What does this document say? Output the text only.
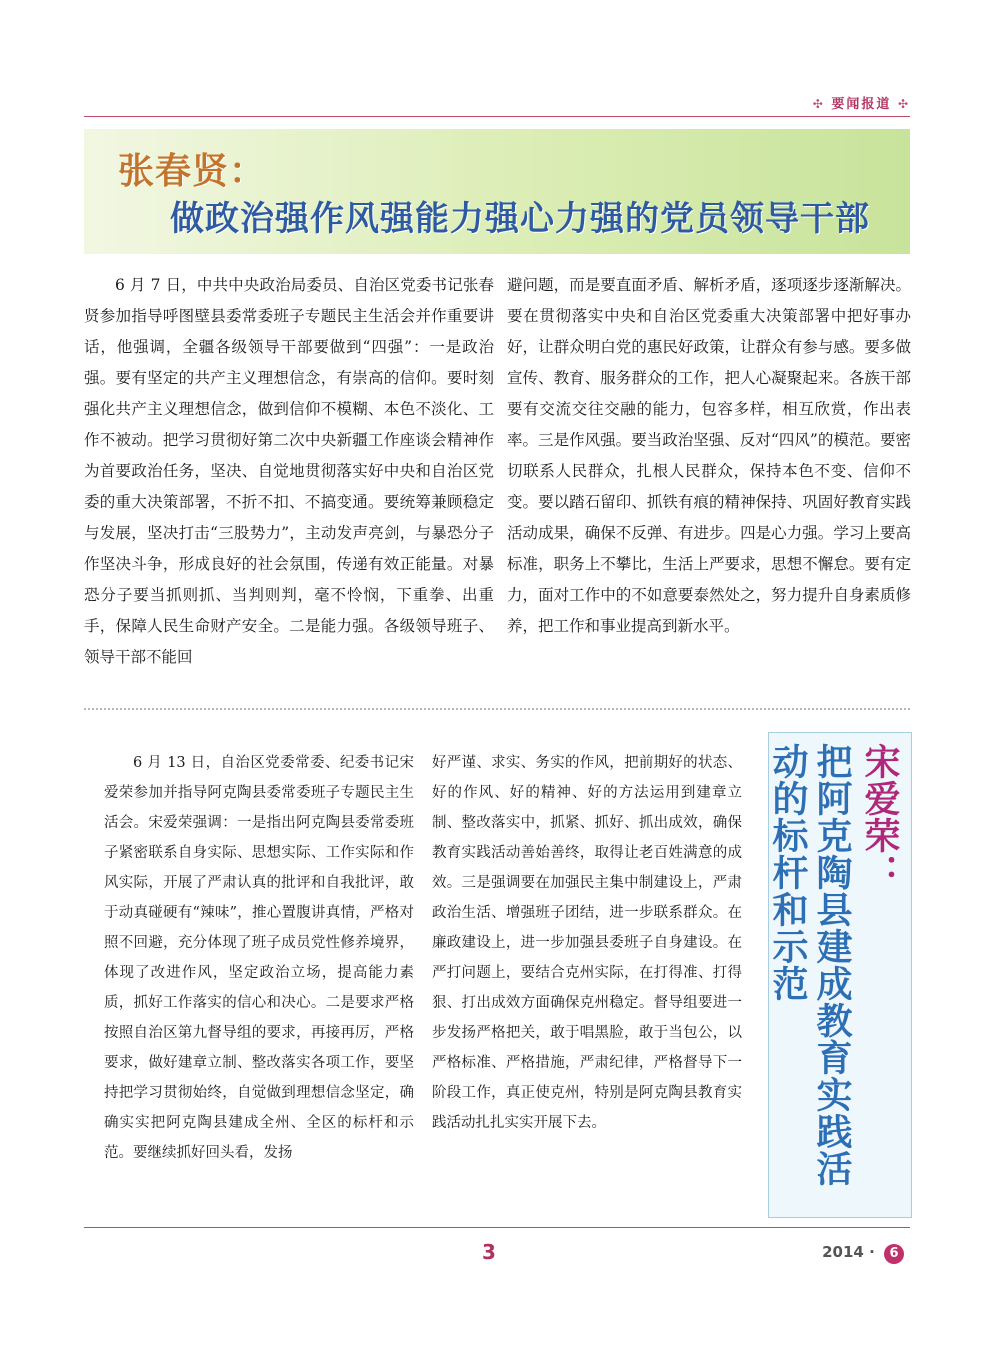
✣ 要闻报道 ✣
张春贤：
做政治强作风强能力强心力强的党员领导干部

6 月 7 日，中共中央政治局委员、自治区党委书记张春贤参加指导呼图壁县委常委班子专题民主生活会并作重要讲话，他强调，全疆各级领导干部要做到“四强”：一是政治强。要有坚定的共产主义理想信念，有崇高的信仰。要时刻强化共产主义理想信念，做到信仰不模糊、本色不淡化、工作不被动。把学习贯彻好第二次中央新疆工作座谈会精神作为首要政治任务，坚决、自觉地贯彻落实好中央和自治区党委的重大决策部署，不折不扣、不搞变通。要统筹兼顾稳定与发展，坚决打击“三股势力”，主动发声亮剑，与暴恐分子作坚决斗争，形成良好的社会氛围，传递有效正能量。对暴恐分子要当抓则抓、当判则判，毫不怜悯，下重拳、出重手，保障人民生命财产安全。二是能力强。各级领导班子、领导干部不能回

避问题，而是要直面矛盾、解析矛盾，逐项逐步逐渐解决。要在贯彻落实中央和自治区党委重大决策部署中把好事办好，让群众明白党的惠民好政策，让群众有参与感。要多做宣传、教育、服务群众的工作，把人心凝聚起来。各族干部要有交流交往交融的能力，包容多样，相互欣赏，作出表率。三是作风强。要当政治坚强、反对“四风”的模范。要密切联系人民群众，扎根人民群众，保持本色不变、信仰不变。要以踏石留印、抓铁有痕的精神保持、巩固好教育实践活动成果，确保不反弹、有进步。四是心力强。学习上要高标准，职务上不攀比，生活上严要求，思想不懈怠。要有定力，面对工作中的不如意要泰然处之，努力提升自身素质修养，把工作和事业提高到新水平。

6 月 13 日，自治区党委常委、纪委书记宋爱荣参加并指导阿克陶县委常委班子专题民主生活会。宋爱荣强调：一是指出阿克陶县委常委班子紧密联系自身实际、思想实际、工作实际和作风实际，开展了严肃认真的批评和自我批评，敢于动真碰硬有“辣味”，推心置腹讲真情，严格对照不回避，充分体现了班子成员党性修养境界，体现了改进作风，坚定政治立场，提高能力素质，抓好工作落实的信心和决心。二是要求严格按照自治区第九督导组的要求，再接再厉，严格要求，做好建章立制、整改落实各项工作，要坚持把学习贯彻始终，自觉做到理想信念坚定，确确实实把阿克陶县建成全州、全区的标杆和示范。要继续抓好回头看，发扬

好严谨、求实、务实的作风，把前期好的状态、好的作风、好的精神、好的方法运用到建章立制、整改落实中，抓紧、抓好、抓出成效，确保教育实践活动善始善终，取得让老百姓满意的成效。三是强调要在加强民主集中制建设上，严肃政治生活、增强班子团结，进一步联系群众。在廉政建设上，进一步加强县委班子自身建设。在严打问题上，要结合克州实际，在打得准、打得狠、打出成效方面确保克州稳定。督导组要进一步发扬严格把关，敢于唱黑脸，敢于当包公，以严格标准、严格措施，严肃纪律，严格督导下一阶段工作，真正使克州，特别是阿克陶县教育实践活动扎扎实实开展下去。

宋爱荣：
把阿克陶县建成教育实践活动的标杆和示范
3	2014 · 6
